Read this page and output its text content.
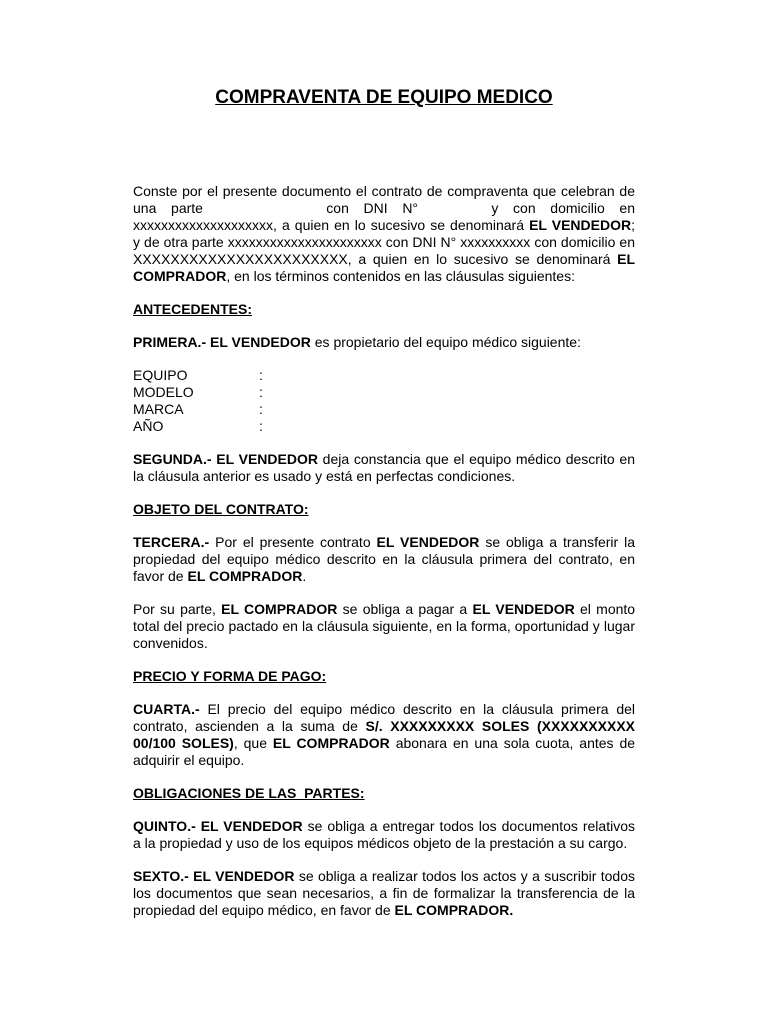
COMPRAVENTA DE EQUIPO MEDICO

Conste por el presente documento el contrato de compraventa que celebran de una parte	con DNI N°	y con domicilio en xxxxxxxxxxxxxxxxxxxx, a quien en lo sucesivo se denominará EL VENDEDOR; y de otra parte xxxxxxxxxxxxxxxxxxxxxx con DNI N° xxxxxxxxxx con domicilio en XXXXXXXXXXXXXXXXXXXXXXX, a quien en lo sucesivo se denominará EL COMPRADOR, en los términos contenidos en las cláusulas siguientes:

ANTECEDENTES:

PRIMERA.- EL VENDEDOR es propietario del equipo médico siguiente:

EQUIPO	:
MODELO	:
MARCA	:
AÑO	:

SEGUNDA.- EL VENDEDOR deja constancia que el equipo médico descrito en la cláusula anterior es usado y está en perfectas condiciones.

OBJETO DEL CONTRATO:

TERCERA.- Por el presente contrato EL VENDEDOR se obliga a transferir la propiedad del equipo médico descrito en la cláusula primera del contrato, en favor de EL COMPRADOR.

Por su parte, EL COMPRADOR se obliga a pagar a EL VENDEDOR el monto total del precio pactado en la cláusula siguiente, en la forma, oportunidad y lugar convenidos.

PRECIO Y FORMA DE PAGO:

CUARTA.- El precio del equipo médico descrito en la cláusula primera del contrato, ascienden a la suma de S/. XXXXXXXXX SOLES (XXXXXXXXXX 00/100 SOLES), que EL COMPRADOR abonara en una sola cuota, antes de adquirir el equipo.

OBLIGACIONES DE LAS  PARTES:

QUINTO.- EL VENDEDOR se obliga a entregar todos los documentos relativos a la propiedad y uso de los equipos médicos objeto de la prestación a su cargo.

SEXTO.- EL VENDEDOR se obliga a realizar todos los actos y a suscribir todos los documentos que sean necesarios, a fin de formalizar la transferencia de la propiedad del equipo médico, en favor de EL COMPRADOR.
